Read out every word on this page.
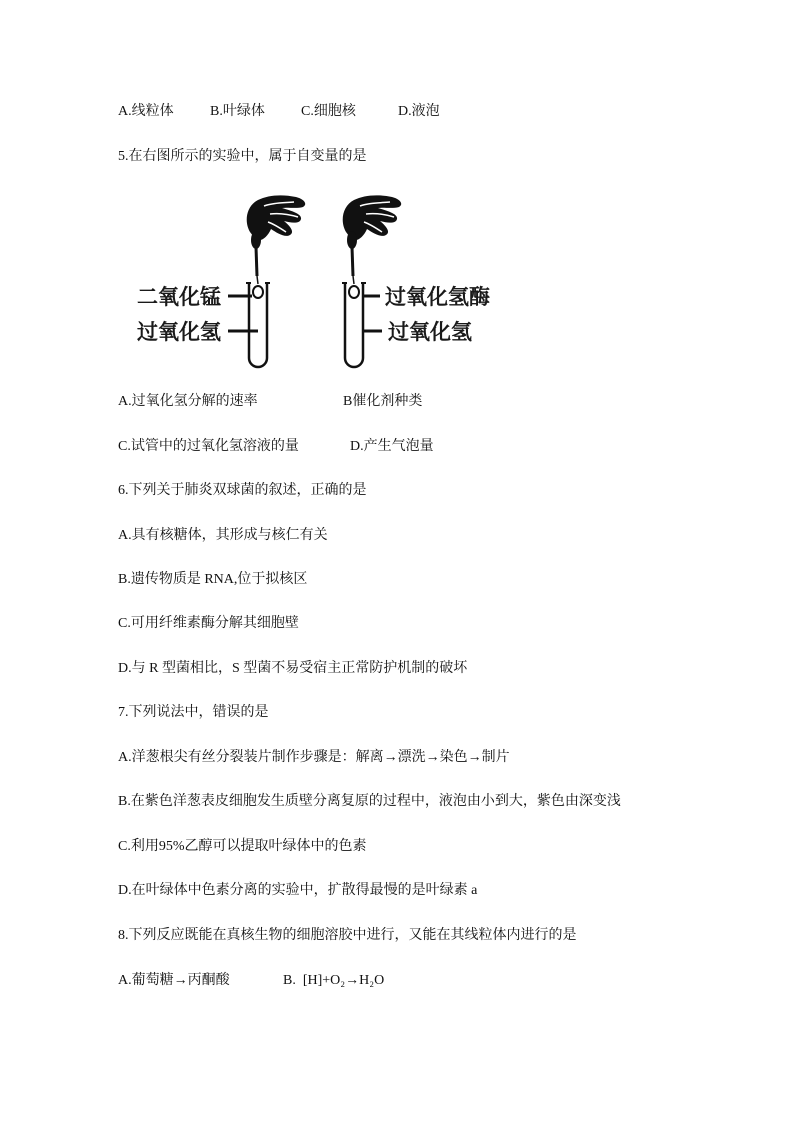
A.线粒体	B.叶绿体	C.细胞核	D.液泡
5.在右图所示的实验中，属于自变量的是
二氧化锰
过氧化氢
过氧化氢酶
过氧化氢
A.过氧化氢分解的速率	B催化剂种类
C.试管中的过氧化氢溶液的量	D.产生气泡量
6.下列关于肺炎双球菌的叙述，正确的是
A.具有核糖体，其形成与核仁有关
B.遗传物质是 RNA,位于拟核区
C.可用纤维素酶分解其细胞壁
D.与 R 型菌相比，S 型菌不易受宿主正常防护机制的破坏
7.下列说法中，错误的是
A.洋葱根尖有丝分裂装片制作步骤是：解离→漂洗→染色→制片
B.在紫色洋葱表皮细胞发生质壁分离复原的过程中，液泡由小到大，紫色由深变浅
C.利用95%乙醇可以提取叶绿体中的色素
D.在叶绿体中色素分离的实验中，扩散得最慢的是叶绿素 a
8.下列反应既能在真核生物的细胞溶胶中进行，又能在其线粒体内进行的是
A.葡萄糖→丙酮酸	B.  [H]+O₂→H₂O
